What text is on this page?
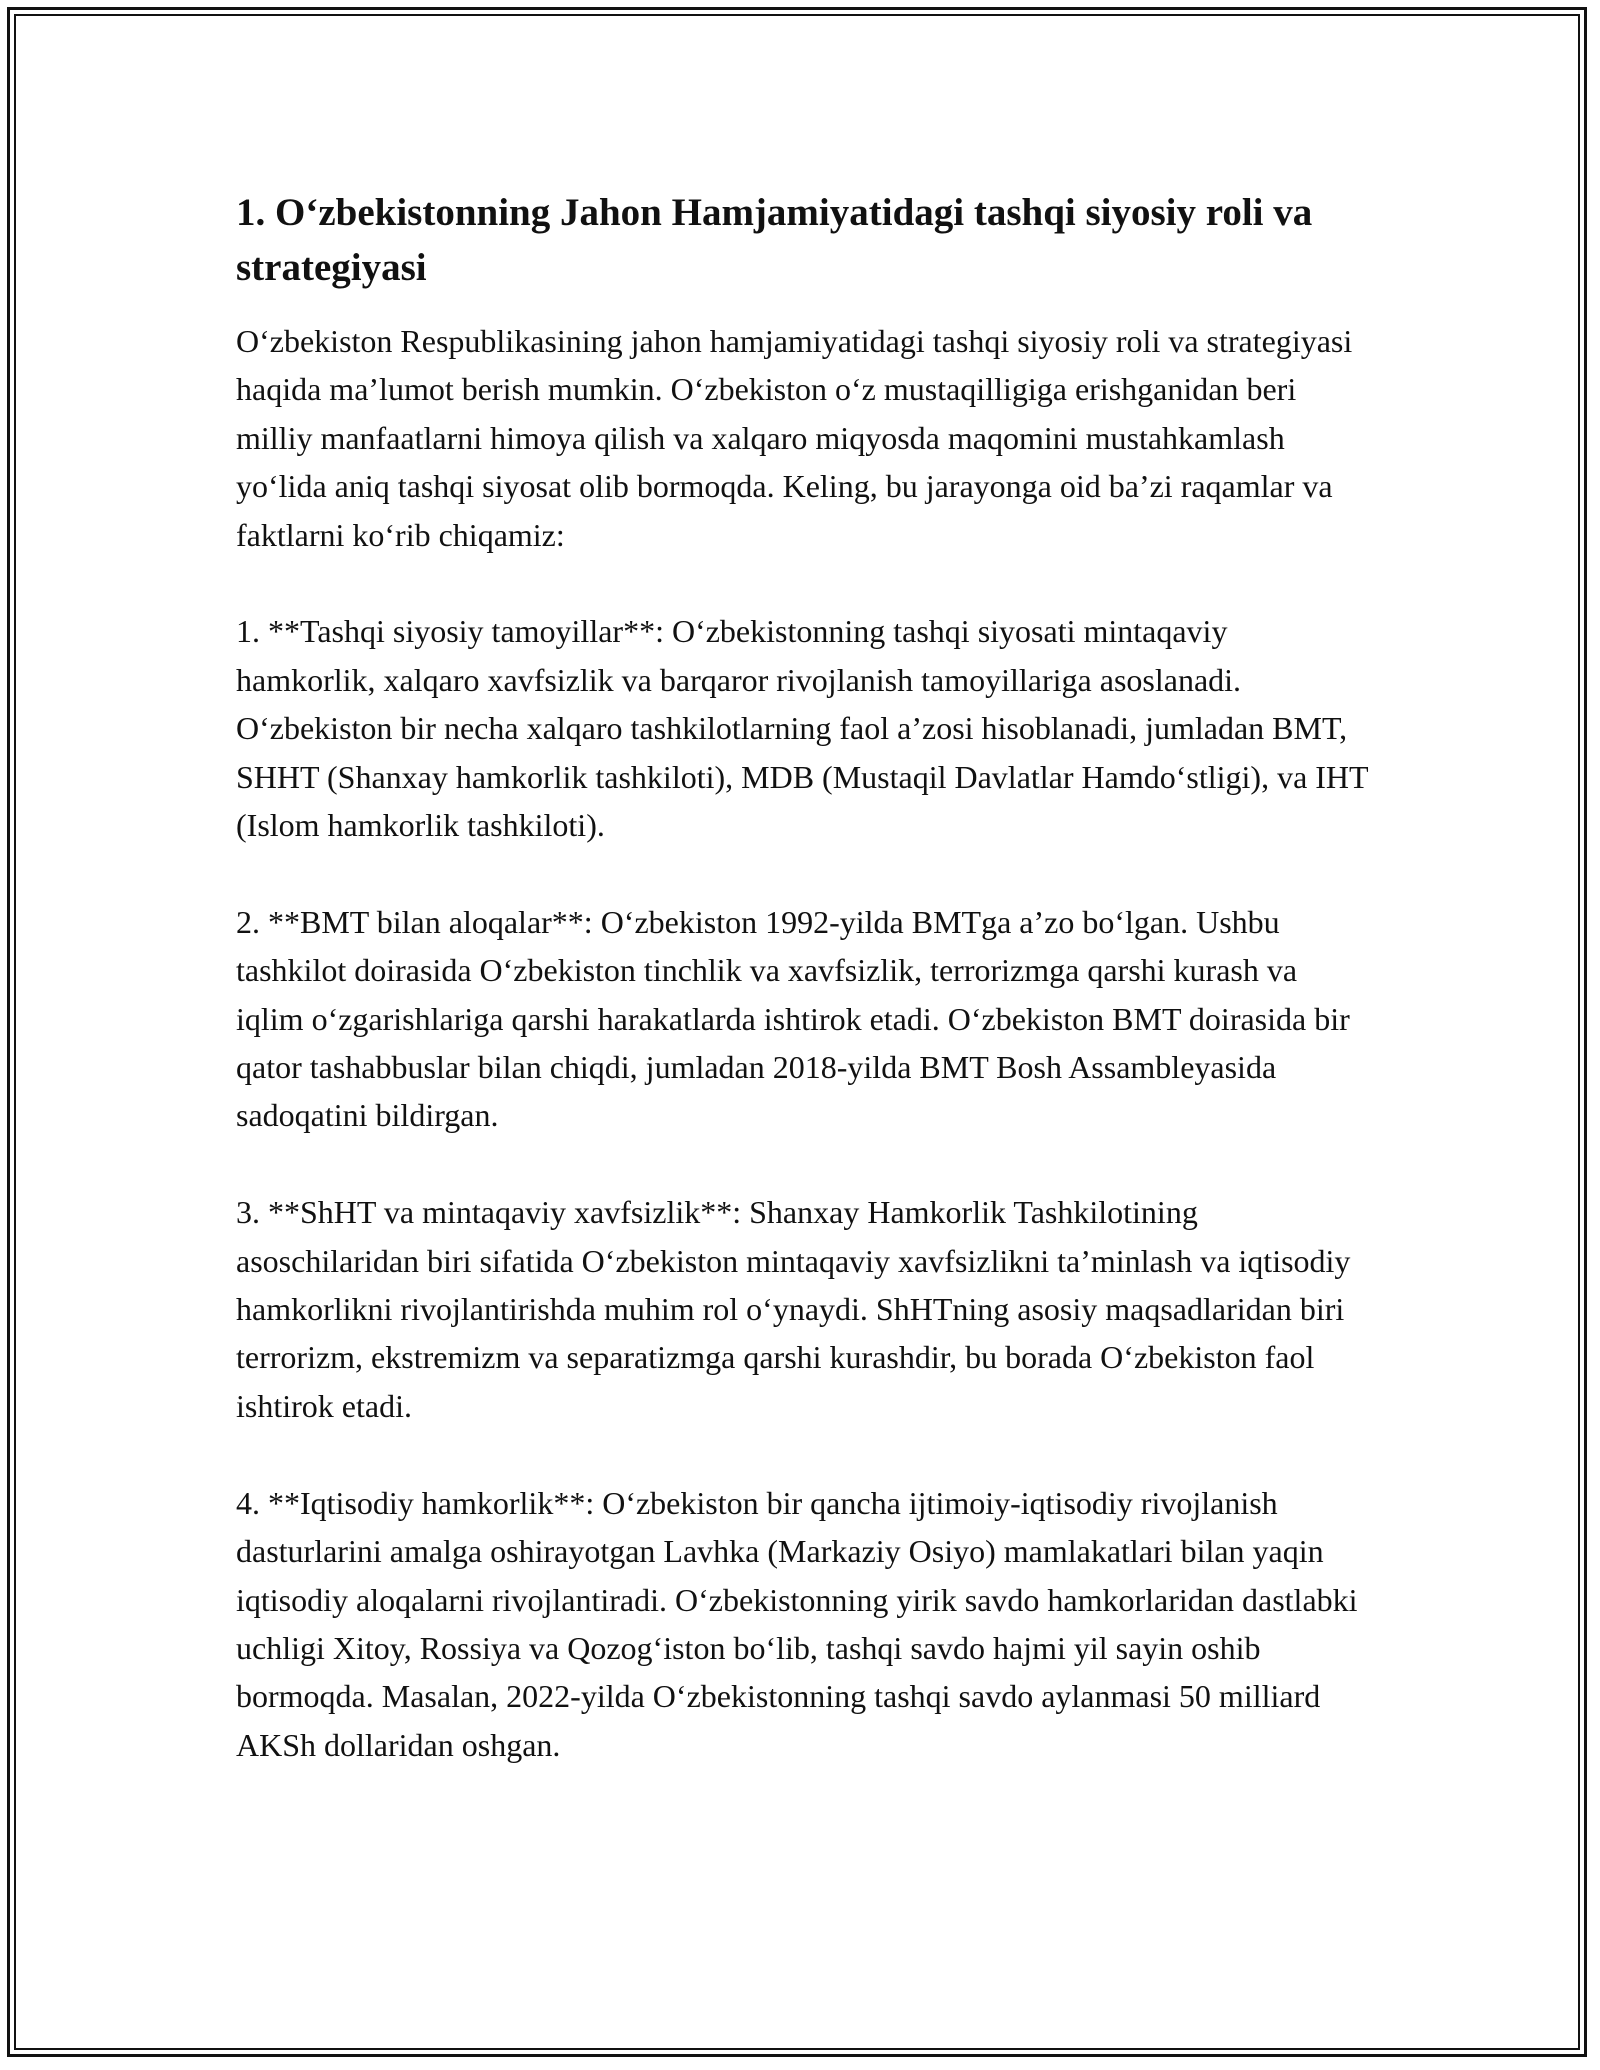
1. Oʻzbekistonning Jahon Hamjamiyatidagi tashqi siyosiy roli va strategiyasi

Oʻzbekiston Respublikasining jahon hamjamiyatidagi tashqi siyosiy roli va strategiyasi haqida maʼlumot berish mumkin. Oʻzbekiston oʻz mustaqilligiga erishganidan beri milliy manfaatlarni himoya qilish va xalqaro miqyosda maqomini mustahkamlash yoʻlida aniq tashqi siyosat olib bormoqda. Keling, bu jarayonga oid baʼzi raqamlar va faktlarni koʻrib chiqamiz:

1. **Tashqi siyosiy tamoyillar**: Oʻzbekistonning tashqi siyosati mintaqaviy hamkorlik, xalqaro xavfsizlik va barqaror rivojlanish tamoyillariga asoslanadi. Oʻzbekiston bir necha xalqaro tashkilotlarning faol aʼzosi hisoblanadi, jumladan BMT, SHHT (Shanxay hamkorlik tashkiloti), MDB (Mustaqil Davlatlar Hamdoʻstligi), va IHT (Islom hamkorlik tashkiloti).

2. **BMT bilan aloqalar**: Oʻzbekiston 1992-yilda BMTga aʼzo boʻlgan. Ushbu tashkilot doirasida Oʻzbekiston tinchlik va xavfsizlik, terrorizmga qarshi kurash va iqlim oʻzgarishlariga qarshi harakatlarda ishtirok etadi. Oʻzbekiston BMT doirasida bir qator tashabbuslar bilan chiqdi, jumladan 2018-yilda BMT Bosh Assambleyasida sadoqatini bildirgan.

3. **ShHT va mintaqaviy xavfsizlik**: Shanxay Hamkorlik Tashkilotining asoschilaridan biri sifatida Oʻzbekiston mintaqaviy xavfsizlikni taʼminlash va iqtisodiy hamkorlikni rivojlantirishda muhim rol oʻynaydi. ShHTning asosiy maqsadlaridan biri terrorizm, ekstremizm va separatizmga qarshi kurashdir, bu borada Oʻzbekiston faol ishtirok etadi.

4. **Iqtisodiy hamkorlik**: Oʻzbekiston bir qancha ijtimoiy-iqtisodiy rivojlanish dasturlarini amalga oshirayotgan Lavhka (Markaziy Osiyo) mamlakatlari bilan yaqin iqtisodiy aloqalarni rivojlantiradi. Oʻzbekistonning yirik savdo hamkorlaridan dastlabki uchligi Xitoy, Rossiya va Qozogʻiston boʻlib, tashqi savdo hajmi yil sayin oshib bormoqda. Masalan, 2022-yilda Oʻzbekistonning tashqi savdo aylanmasi 50 milliard AKSh dollaridan oshgan.
